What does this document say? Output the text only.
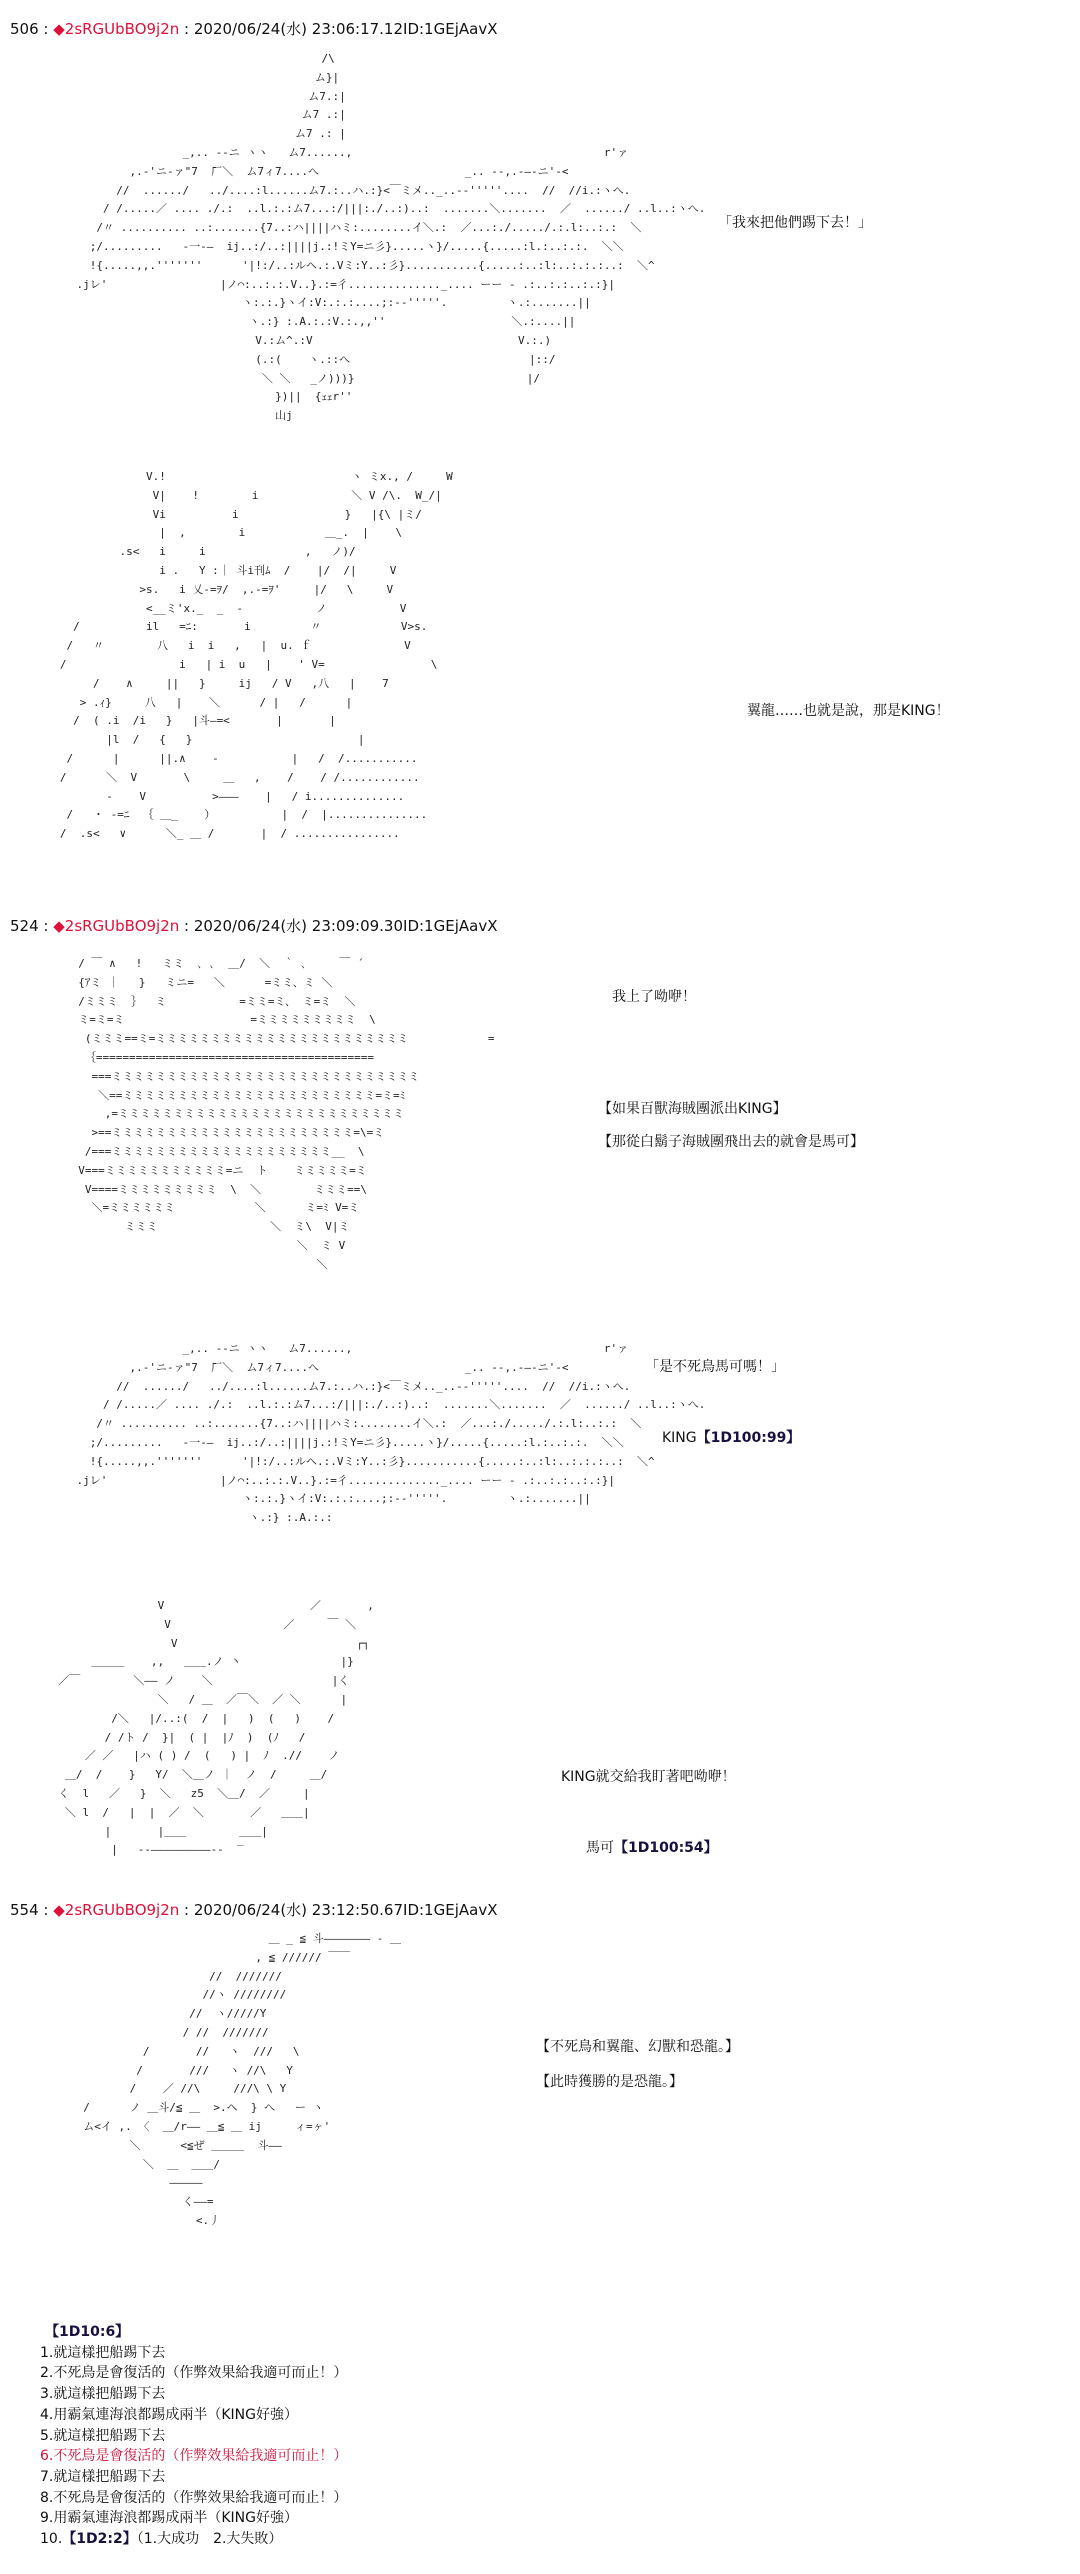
506 : ◆2sRGUbBO9j2n : 2020/06/24(水) 23:06:17.12ID:1GEjAavX
/\
ム}|
ム7.:|
ム7 .:|
ム7 .: |
_,.. --ニ ヽヽ   ム7......,                                      r'ァ
,.-'ニ-ァ"7  ̄厂＼  ム7ィ7....へ                      _.. --,.-―-ニ'-<
//  ....../   ../....:l......ム7.:..ハ.:}<￣ミメ.._..--'''''....  //  //i.:ヽへ.
/ /.....／ .... ./.:  ..l.:.:ム7...:/|||:./..:)..:  .......＼.......  ／  ....../ ..l..:ヽへ.
/〃 .......... ..:.......{7..:ハ||||ハミ:........イ＼.:  ／...:./...../.:.l:..:.:  ＼
;/.........   ‐一‐―  ij..:/..:||||j.:!ミY=ニ彡}.....ヽ}/.....{.....:l.:..:.:.  ＼＼
!{.....,,.'''''''      '|!:/..:ルヘ.:.Vミ:Y..:彡}...........{.....:..:l:..:.:.:..:  ＼^
.jレ'                 |ノ⌒:..:.:.V..}.:=彳.............._.... ーー ‐ .:..:.:..:.:}|
ヽ:.:.}ヽイ:V:.:.:....;:--'''''.         ヽ.:.......||
ヽ.:} :.A.:.:V.:.,,''                   ＼.:....||
V.:ム^.:V                               V.:.)
(.:(    ヽ.::へ                           |::/
＼ ＼   _ノ)))}                          |/
})||  {ｪｪr''
山j
「我來把他們踢下去！」
V.!                            ヽ ミx., /     W
V|    !        i              ＼ V /\.  W_/|
Vi          i                }   |{\ |ミ/
|  ,        i            ＿_.  |    \
.s<   i     i               ,   ノ)/
i .   Y :｜ 斗i刊ﾑ  /    |/  /|     V
>s.   i 乂-=ｦ/  ,.-=ｦ'     |/   \     V
<__ミ'x._  _  -           ノ           V
/          il   =ﾆ:       i         〃            V>s.
/   〃        八   i  i   ,   |  u. ｆ              V
/                 i   | i  u   |    ' V=                \
/    ∧     ||   }     ij   / V   ,八   |    7
> .ｨ}     八   |    ＼      / |   /      |
/  ( .i  /i   }   |斗―=<       |       |
|l  /   {   }                         |
/      |      ||.∧    -           |   /  /...........
/      ＼  V       \     ＿   ,    /    / /............
-    V          >―――    |   / i..............
/   ・ -=ﾆ  ｛ ＿_    ）          |  /  |...............
/  .s<   ∨      ＼_ ＿ /       |  / ................
翼龍……也就是說，那是KING！
524 : ◆2sRGUbBO9j2n : 2020/06/24(水) 23:09:09.30ID:1GEjAavX
/ ￣ ∧   !   ミミ  ､ ､  ＿/  ＼  ｀ ､     ￣ ´
{ｱミ ｜   }   ミニ=   ＼      =ミミ、ミ ＼
/ミミミ  ｝  ミ           =ミミ=ミ、 ミ=ミ  ＼
ミ=ミ=ミ                   =ミミミミミミミミミ  \
(ミミミ==ミ=ミミミミミミミミミミミミミミミミミミミミミミミ            =
｛==========================================
===ミミミミミミミミミミミミミミミミミミミミミミミミミミミミ
＼==ミミミミミミミミミミミミミミミミミミミミミミミ=ミ=ﾐ
,=ミミミミミミミミミミミミミミミミミミミミミミミミミミ
>==ミミミミミミミミミミミミミミミミミミミミミミ=\=ミ
/===ミミミミミミミミミミミミミミミミミミミミ__  \
V===ミミミミミミミミミミミ=ニ  ト    ミミミミミ=ミ
V====ミミミミミミミミミ  \  ＼        ミミミ==\
＼=ミミミミミミ            ＼      ミ=ﾐ V=ミ
ミミミ                 ＼  ミ\  V|ミ
＼  ミ V
＼
我上了呦咿！
【如果百獸海賊團派出KING】
【那從白鬍子海賊團飛出去的就會是馬可】
_,.. --ニ ヽヽ   ム7......,                                      r'ァ
,.-'ニ-ァ"7  ̄厂＼  ム7ィ7....へ                      _.. --,.-―-ニ'-<
//  ....../   ../....:l......ム7.:..ハ.:}<￣ミメ.._..--'''''....  //  //i.:ヽへ.
/ /.....／ .... ./.:  ..l.:.:ム7...:/|||:./..:)..:  .......＼.......  ／  ....../ ..l..:ヽへ.
/〃 .......... ..:.......{7..:ハ||||ハミ:........イ＼.:  ／...:./...../.:.l:..:.:  ＼
;/.........   ‐一‐―  ij..:/..:||||j.:!ミY=ニ彡}.....ヽ}/.....{.....:l.:..:.:.  ＼＼
!{.....,,.'''''''      '|!:/..:ルヘ.:.Vミ:Y..:彡}...........{.....:..:l:..:.:.:..:  ＼^
.jレ'                 |ノ⌒:..:.:.V..}.:=彳.............._.... ーー ‐ .:..:.:..:.:}|
ヽ:.:.}ヽイ:V:.:.:....;:--'''''.         ヽ.:.......||
ヽ.:} :.A.:.:
「是不死鳥馬可嗎！」
KING【1D100:99】
V                      ／       ,
V                 ／     ￣ ＼
V                           ┌┐
＿＿＿    ,,   ＿＿.ノ 丶               |}
／￣        ＼―― ノ    ＼                  |く
＼   / ＿  ／￣＼  ／ ＼      |
/＼   |/..:(  /  |   )  (   )    /
/ /ト /  }|  ( |  |ﾉ  )  (ﾉ   /
／ ／   |ハ ( ) /  (   ) |  ﾉ  .//    ノ
＿/  /    }   Y/  ＼＿ノ ｜  ノ  /     ＿/
く  l   ／   }  ＼   z5  ＼＿/  ／     |
＼ l  /   |  |  ／  ＼       ／   ＿＿|
|       |＿＿        ＿＿|
|   ‐‐―――――――――‐‐  ‾
KING就交給我盯著吧呦咿！
馬可【1D100:54】
554 : ◆2sRGUbBO9j2n : 2020/06/24(水) 23:12:50.67ID:1GEjAavX
＿ _ ≦ 斗――――――― ‐ ＿
, ≦ ////// ￣￣
//  ///////
//ヽ ////////
//  ヽ/////Y
/ //  ///////
/       //   ヽ  ///   \
/       ///   ヽ //\   Y
/    ／ //\     ///\ \ Y
/      ノ ＿斗/≦ ＿  >.ヘ  } へ   ー ヽ
ム<イ ,. 〈  ＿/r―― ＿≦ ＿ ij     ィ=ヶ'
＼      <≦ぜ ＿＿＿  斗――
＼  ＿  ＿＿/
―――――
く――=
<.丿
【不死鳥和翼龍、幻獸和恐龍。】
【此時獲勝的是恐龍。】
【1D10:6】
1.就這樣把船踢下去
2.不死鳥是會復活的（作弊效果給我適可而止！）
3.就這樣把船踢下去
4.用霸氣連海浪都踢成兩半（KING好強）
5.就這樣把船踢下去
6.不死鳥是會復活的（作弊效果給我適可而止！）
7.就這樣把船踢下去
8.不死鳥是會復活的（作弊效果給我適可而止！）
9.用霸氣連海浪都踢成兩半（KING好強）
10.【1D2:2】（1.大成功　2.大失敗）
